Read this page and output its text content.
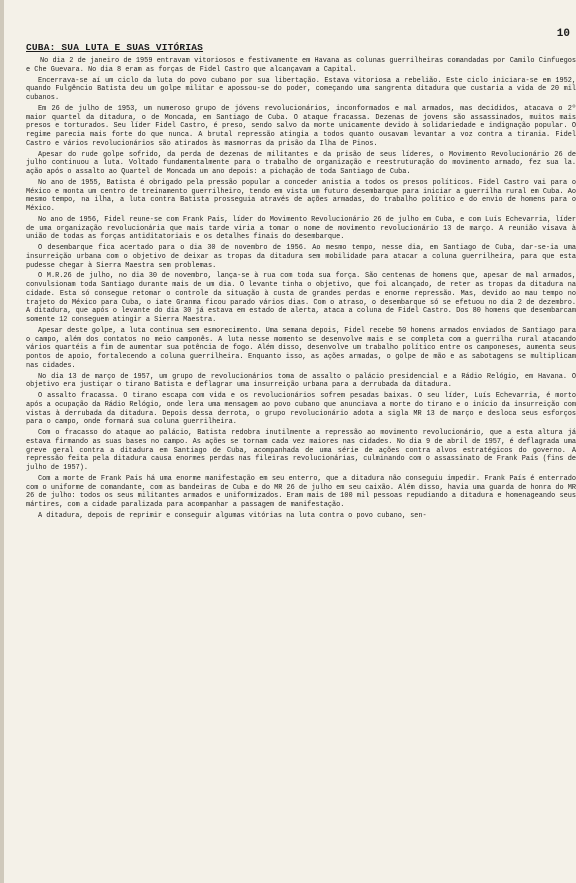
10
CUBA: SUA LUTA E SUAS VITÓRIAS

No dia 2 de janeiro de 1959 entravam vitoriosos e festivamente em Havana as colunas guerrilheiras comandadas por Camilo Cinfuegos e Che Guevara. No dia 8 eram as forças de Fidel Castro que alcançavam a Capital.

Encerrava-se aí um ciclo da luta do povo cubano por sua libertação. Estava vitoriosa a rebelião. Este ciclo iniciara-se em 1952, quando Fulgêncio Batista deu um golpe militar e apossou-se do poder, começando uma sangrenta ditadura que custaria a vida de 20 mil cubanos.

Em 26 de julho de 1953, um numeroso grupo de jóvens revolucionários, inconformados e mal armados, mas decididos, atacava o 2º maior quartel da ditadura, o de Moncada, em Santiago de Cuba. O ataque fracassa. Dezenas de jovens são assassinados, muitos mais presos e torturados. Seu líder Fidel Castro, é preso, sendo salvo da morte unicamente devido à solidariedade e indignação popular. O regime parecia mais forte do que nunca. A brutal repressão atingia a todos quanto ousavam levantar a voz contra a tirania. Fidel Castro e vários revolucionários são atirados às masmorras da prisão da Ilha de Pinos.

Apesar do rude golpe sofrido, da perda de dezenas de militantes e da prisão de seus líderes, o Movimento Revolucionário 26 de julho continuou a luta. Voltado fundamentalmente para o trabalho de organização e reestruturação do movimento armado, fez sua la. ação após o assalto ao Quartel de Moncada um ano depois: a pichação de toda Santiago de Cuba.

No ano de 1955, Batista é obrigado pela pressão popular a conceder anistia a todos os presos políticos. Fidel Castro vai para o México e monta um centro de treinamento guerrilheiro, tendo em vista um futuro desembarque para iniciar a guerrilha rural em Cuba. Ao mesmo tempo, na ilha, a luta contra Batista prosseguia através de ações armadas, do trabalho político e do envio de homens para o México.

No ano de 1956, Fidel reune-se com Frank País, líder do Movimento Revolucionário 26 de julho em Cuba, e com Luís Echevarria, líder de uma organização revolucionária que mais tarde viria a tomar o nome de movimento revolucionário 13 de março. A reunião visava à união de todas as forças antiditatoriais e os detalhes finais do desembarque.

O desembarque fica acertado para o dia 30 de novembro de 1956. Ao mesmo tempo, nesse dia, em Santiago de Cuba, dar-se-ia uma insurreição urbana com o objetivo de deixar as tropas da ditadura sem mobilidade para atacar a coluna guerrilheira, para que esta pudesse chegar à Sierra Maestra sem problemas.

O M.R.26 de julho, no dia 30 de novembro, lança-se à rua com toda sua força. São centenas de homens que, apesar de mal armados, convulsionam toda Santiago durante mais de um dia. O levante tinha o objetivo, que foi alcançado, de reter as tropas da ditadura na cidade. Esta só consegue retomar o controle da situação à custa de grandes perdas e enorme repressão. Mas, devido ao mau tempo no trajeto do México para Cuba, o iate Granma ficou parado vários dias. Com o atraso, o desembarque só se efetuou no dia 2 de dezembro. A ditadura, que após o levante do dia 30 já estava em estado de alerta, ataca a coluna de Fidel Castro. Dos 80 homens que desembarcam somente 12 conseguem atingir a Sierra Maestra.

Apesar deste golpe, a luta continua sem esmorecimento. Uma semana depois, Fidel recebe 50 homens armados enviados de Santiago para o campo, além dos contatos no meio camponês. A luta nesse momento se desenvolve mais e se completa com a guerrilha rural atacando vários quartéis a fim de aumentar sua potência de fogo. Além disso, desenvolve um trabalho político entre os camponeses, aumenta seus pontos de apoio, fortalecendo a coluna guerrilheira. Enquanto isso, as ações armadas, o golpe de mão e as sabotagens se multiplicam nas cidades.

No dia 13 de março de 1957, um grupo de revolucionários toma de assalto o palácio presidencial e a Rádio Relógio, em Havana. O objetivo era justiçar o tirano Batista e deflagrar uma insurreição urbana para a derrubada da ditadura.

O assalto fracassa. O tirano escapa com vida e os revolucionários sofrem pesadas baixas. O seu líder, Luís Echevarria, é morto após a ocupação da Rádio Relógio, onde lera uma mensagem ao povo cubano que anunciava a morte do tirano e o início da insurreição com vistas à derrubada da ditadura. Depois dessa derrota, o grupo revolucionário adota a sigla MR 13 de março e desloca seus esforços para o campo, onde formará sua coluna guerrilheira.

Com o fracasso do ataque ao palácio, Batista redobra inutilmente a repressão ao movimento revolucionário, que a esta altura já estava firmando as suas bases no campo. As ações se tornam cada vez maiores nas cidades. No dia 9 de abril de 1957, é deflagrada uma greve geral contra a ditadura em Santiago de Cuba, acompanhada de uma série de ações contra alvos estratégicos do governo. A repressão feita pela ditadura causa enormes perdas nas fileiras revolucionárias, culminando com o assassinato de Frank País (fins de julho de 1957).

Com a morte de Frank País há uma enorme manifestação em seu enterro, que a ditadura não conseguiu impedir. Frank País é enterrado com o uniforme de comandante, com as bandeiras de Cuba e do MR 26 de julho em seu caixão. Além disso, havia uma guarda de honra do MR 26 de julho: todos os seus militantes armados e uniformizados. Eram mais de 100 mil pessoas repudiando a ditadura e homenageando seus mártires, com a cidade paralizada para acompanhar a passagem de manifestação.

A ditadura, depois de reprimir e conseguir algumas vitórias na luta contra o povo cubano, sen-
